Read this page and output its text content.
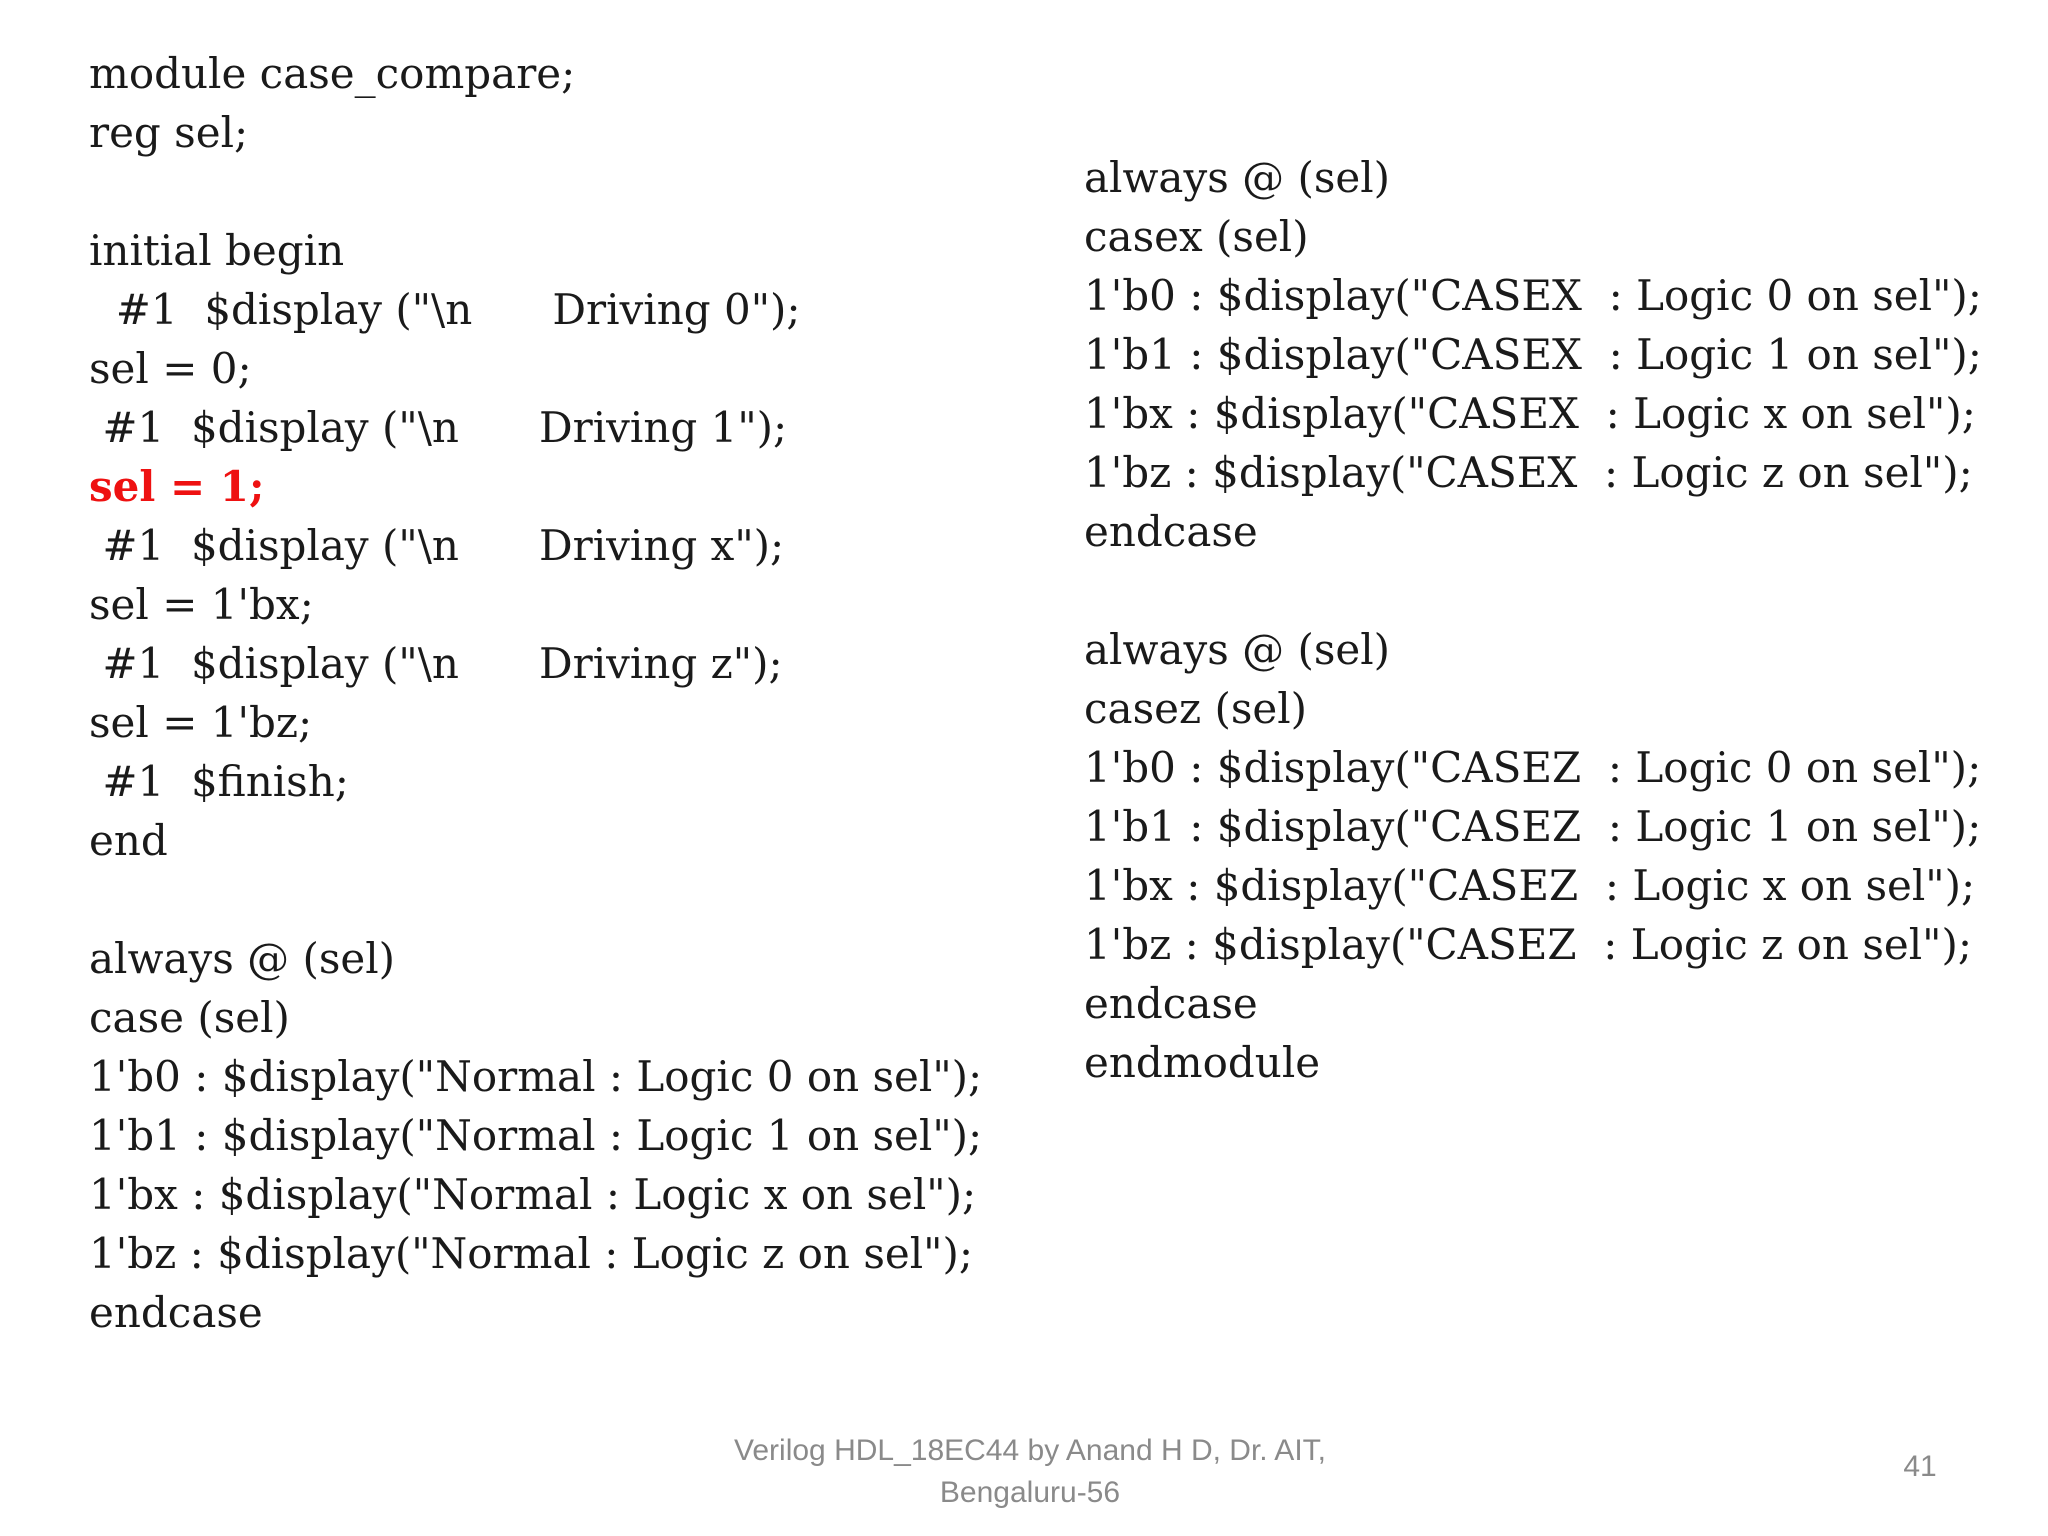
module case_compare;
reg sel;
initial begin
#1  $display ("\n      Driving 0");
sel = 0;
#1  $display ("\n      Driving 1");
sel = 1;
#1  $display ("\n      Driving x");
sel = 1'bx;
#1  $display ("\n      Driving z");
sel = 1'bz;
#1  $finish;
end
always @ (sel)
case (sel)
1'b0 : $display("Normal : Logic 0 on sel");
1'b1 : $display("Normal : Logic 1 on sel");
1'bx : $display("Normal : Logic x on sel");
1'bz : $display("Normal : Logic z on sel");
endcase
always @ (sel)
casex (sel)
1'b0 : $display("CASEX  : Logic 0 on sel");
1'b1 : $display("CASEX  : Logic 1 on sel");
1'bx : $display("CASEX  : Logic x on sel");
1'bz : $display("CASEX  : Logic z on sel");
endcase
always @ (sel)
casez (sel)
1'b0 : $display("CASEZ  : Logic 0 on sel");
1'b1 : $display("CASEZ  : Logic 1 on sel");
1'bx : $display("CASEZ  : Logic x on sel");
1'bz : $display("CASEZ  : Logic z on sel");
endcase
endmodule
Verilog HDL_18EC44 by Anand H D, Dr. AIT,
Bengaluru-56
41
